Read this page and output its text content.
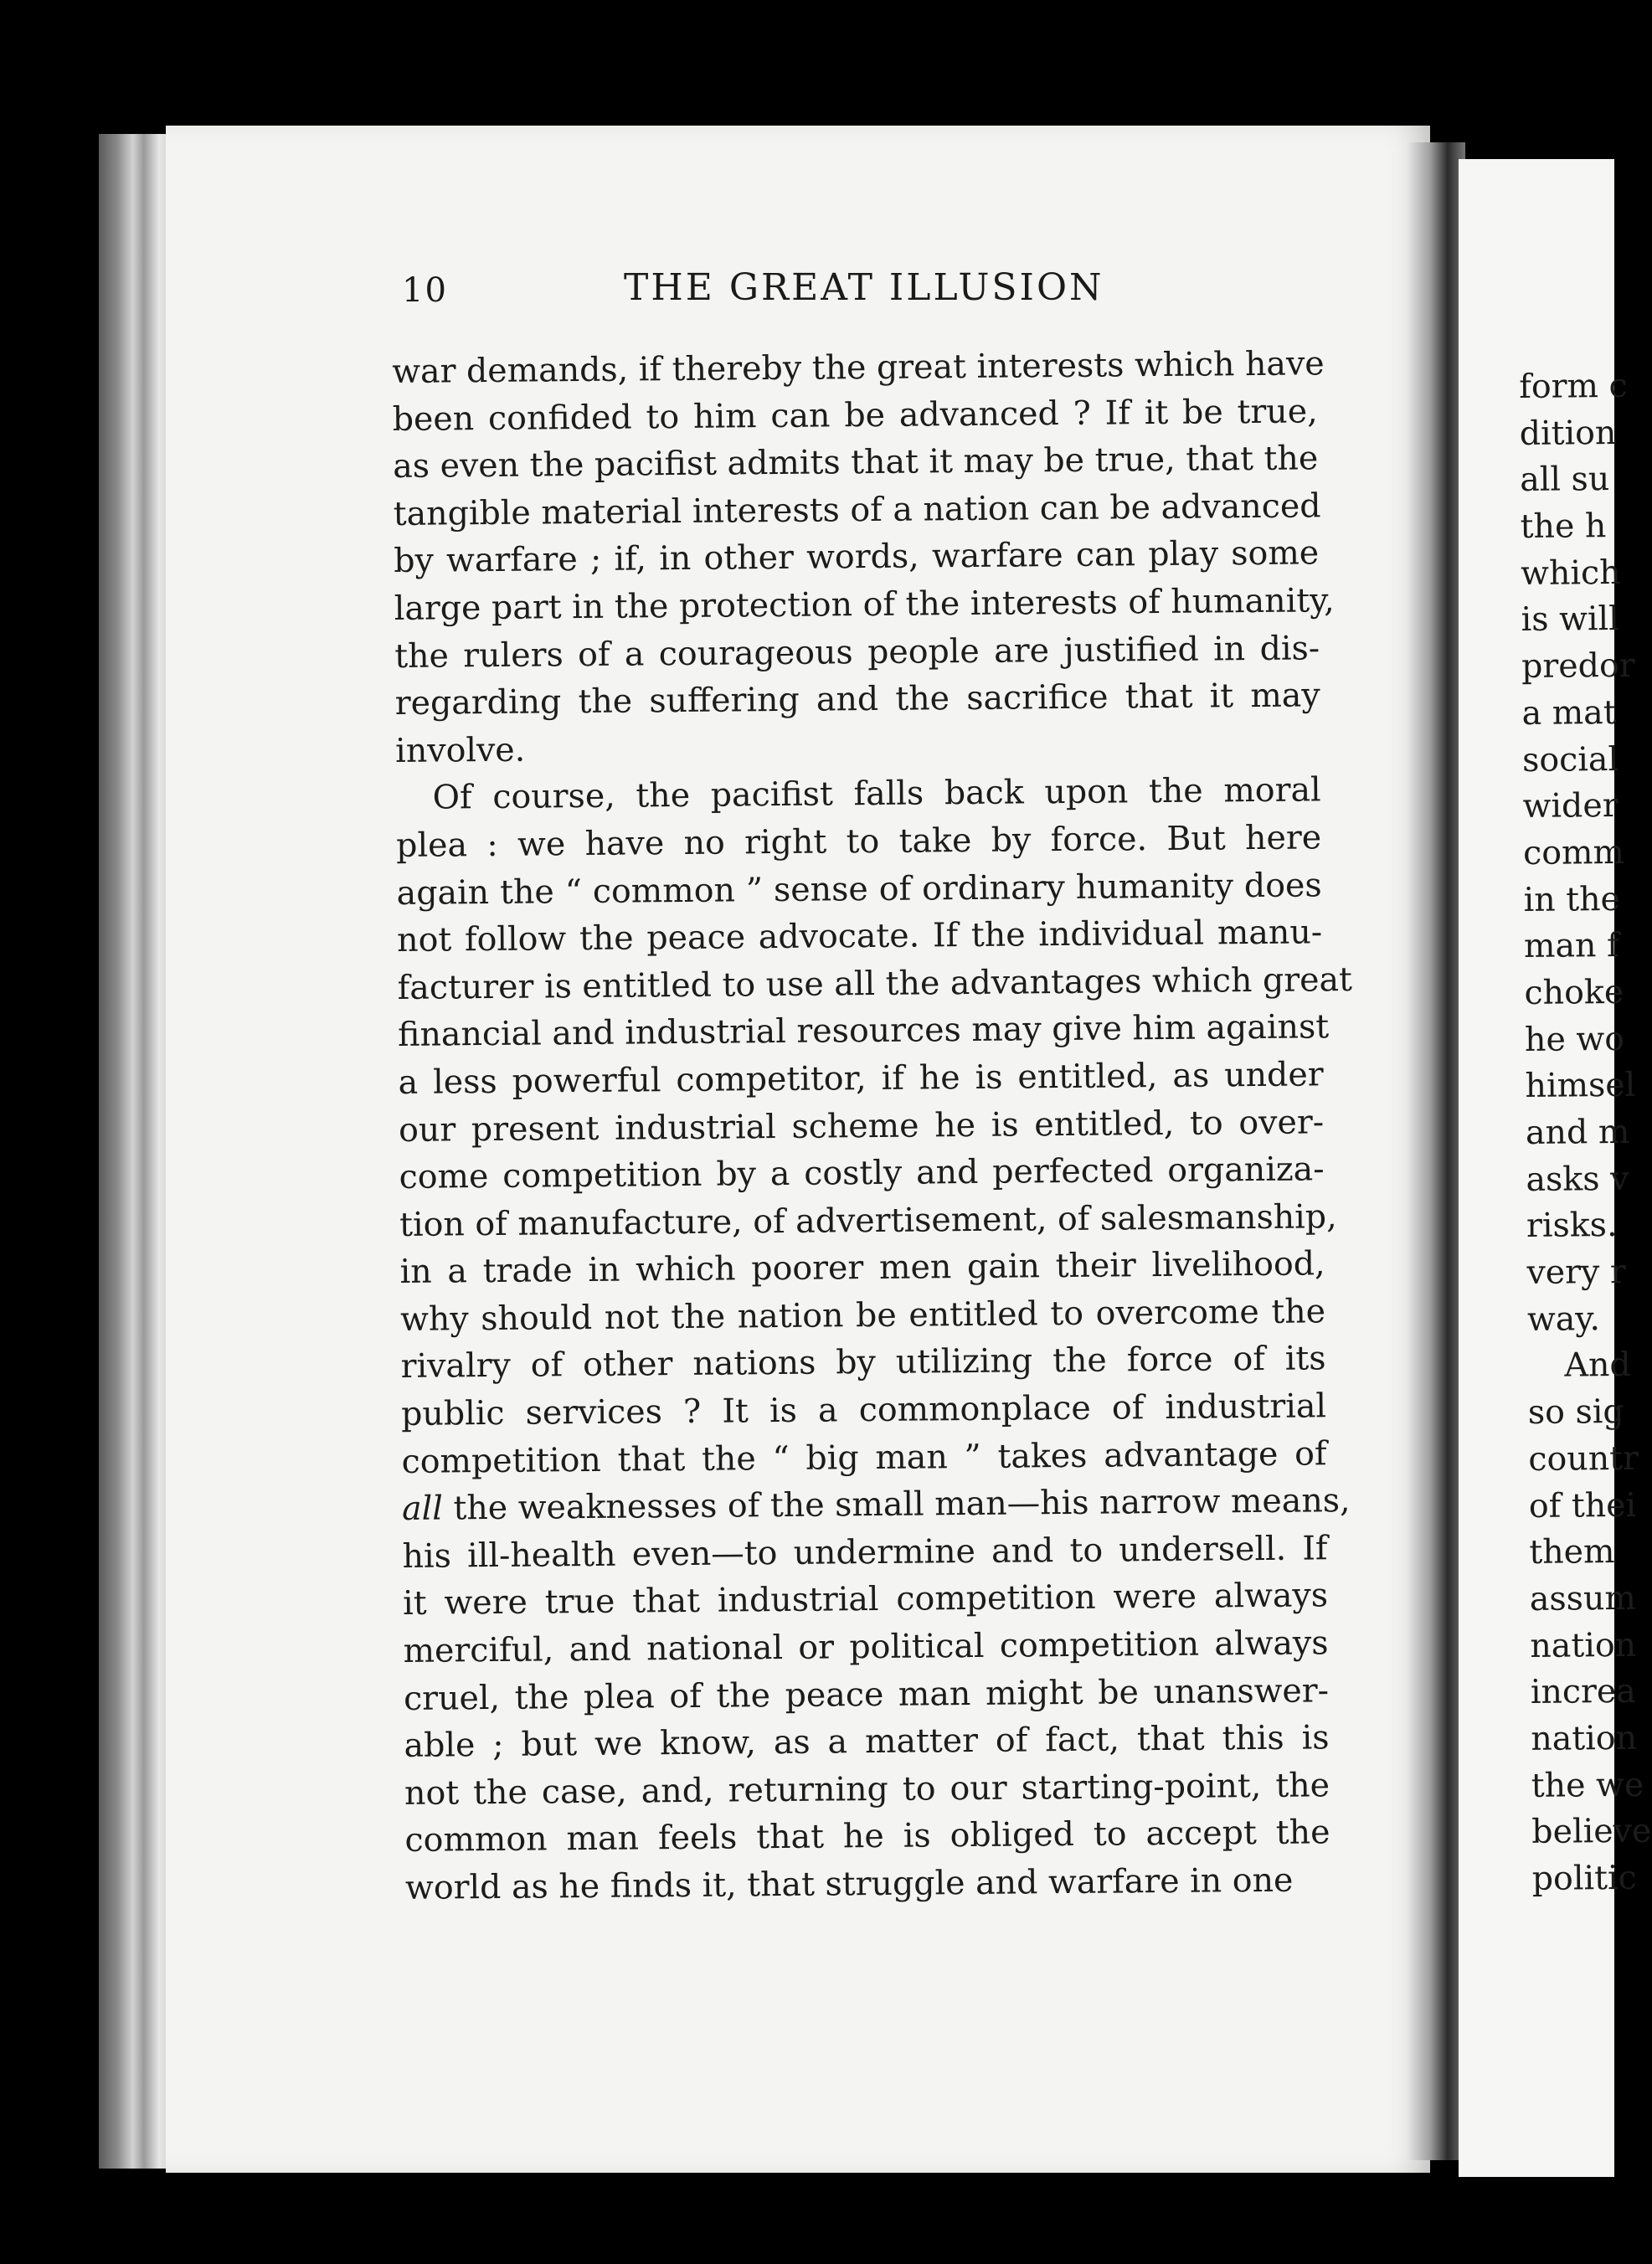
form c
dition
all su
the h
which
is will
predor
a mat
social
wider
comm
in the
man f
choke
he wo
himsel
and m
asks v
risks.
very r
way.
And
so sig
countr
of thei
them
assum
nation
increa
nation
the we
believe
politic
10	THE GREAT ILLUSION
war demands, if thereby the great interests which have
been confided to him can be advanced ? If it be true,
as even the pacifist admits that it may be true, that the
tangible material interests of a nation can be advanced
by warfare ; if, in other words, warfare can play some
large part in the protection of the interests of humanity,
the rulers of a courageous people are justified in dis-
regarding the suffering and the sacrifice that it may
involve.
Of course, the pacifist falls back upon the moral
plea : we have no right to take by force. But here
again the “ common ” sense of ordinary humanity does
not follow the peace advocate. If the individual manu-
facturer is entitled to use all the advantages which great
financial and industrial resources may give him against
a less powerful competitor, if he is entitled, as under
our present industrial scheme he is entitled, to over-
come competition by a costly and perfected organiza-
tion of manufacture, of advertisement, of salesmanship,
in a trade in which poorer men gain their livelihood,
why should not the nation be entitled to overcome the
rivalry of other nations by utilizing the force of its
public services ? It is a commonplace of industrial
competition that the “ big man ” takes advantage of
all the weaknesses of the small man—his narrow means,
his ill-health even—to undermine and to undersell. If
it were true that industrial competition were always
merciful, and national or political competition always
cruel, the plea of the peace man might be unanswer-
able ; but we know, as a matter of fact, that this is
not the case, and, returning to our starting-point, the
common man feels that he is obliged to accept the
world as he finds it, that struggle and warfare in one
